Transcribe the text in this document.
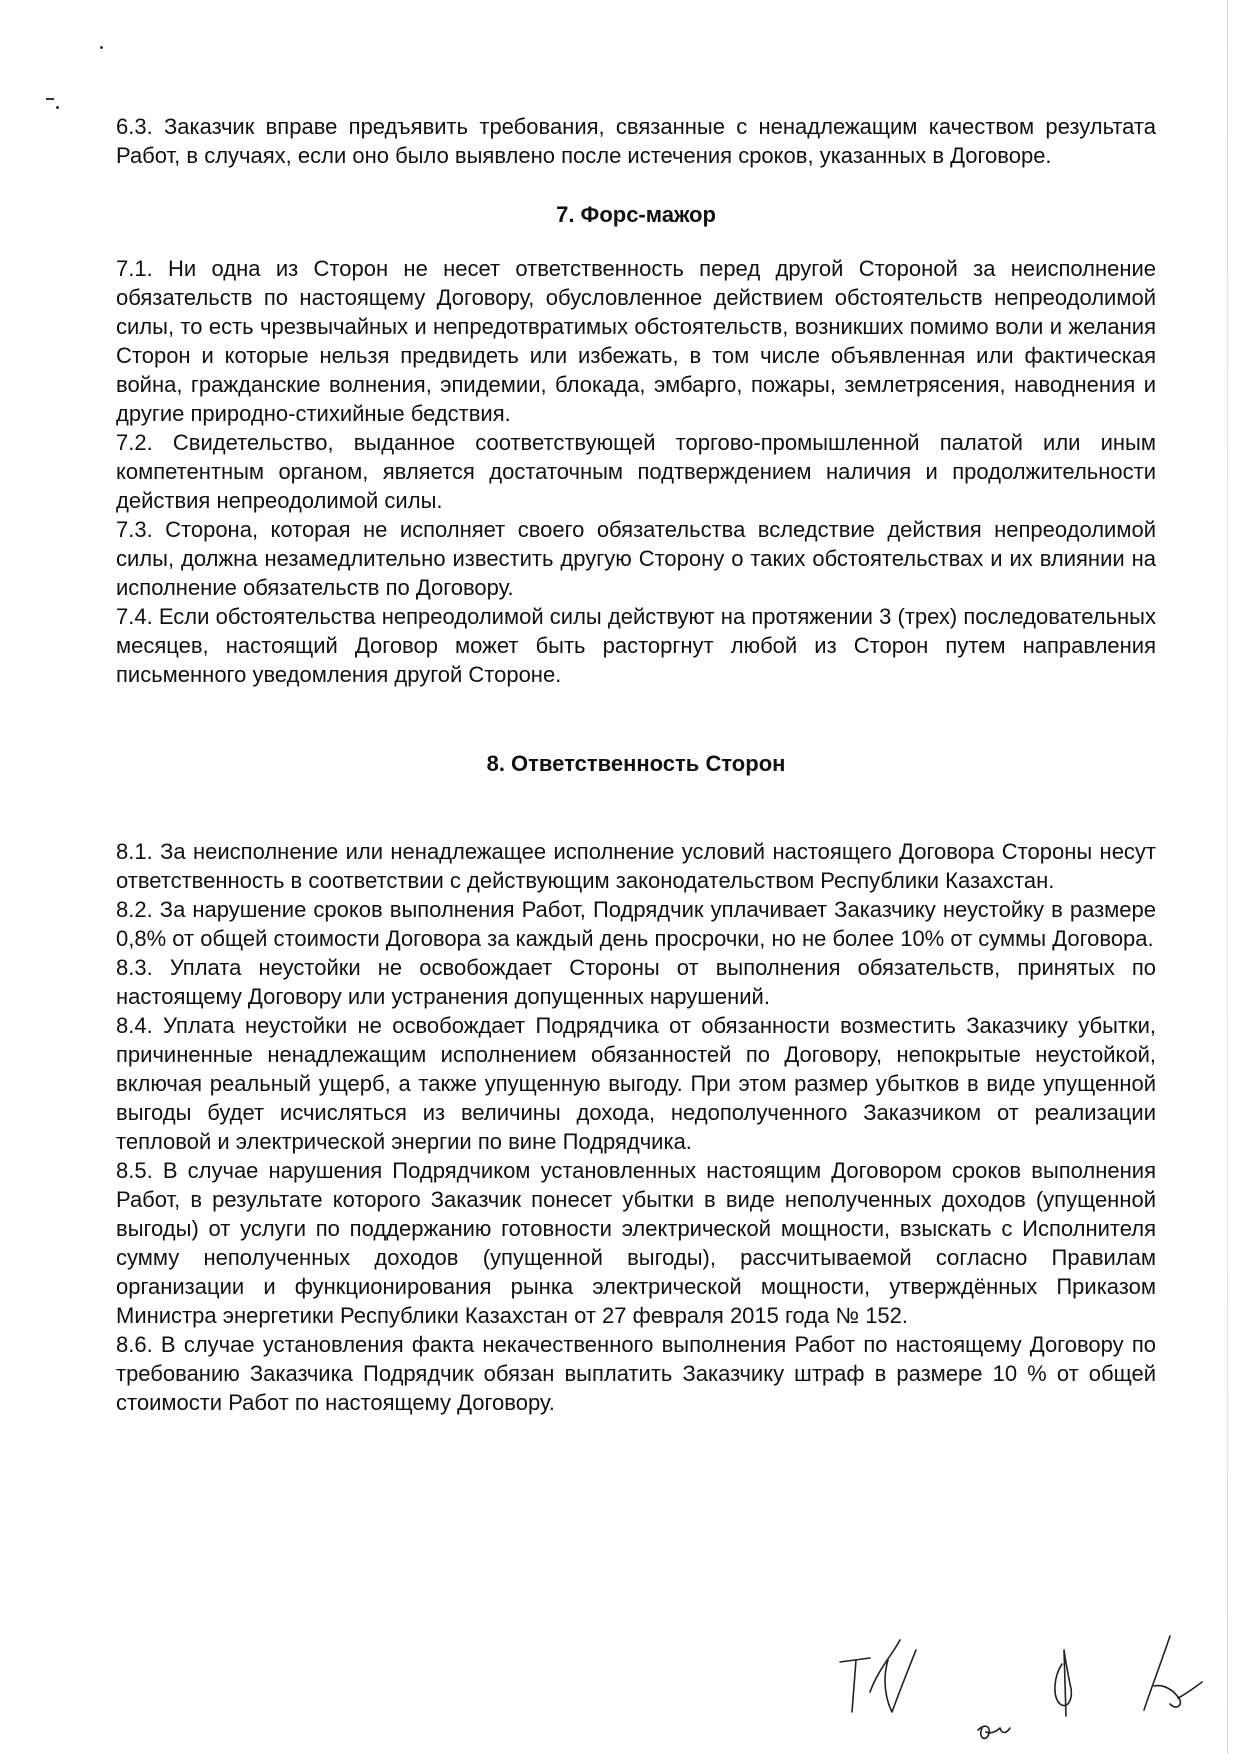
6.3. Заказчик вправе предъявить требования, связанные с ненадлежащим качеством результата Работ, в случаях, если оно было выявлено после истечения сроков, указанных в Договоре.

7. Форс-мажор

7.1. Ни одна из Сторон не несет ответственность перед другой Стороной за неисполнение обязательств по настоящему Договору, обусловленное действием обстоятельств непреодолимой силы, то есть чрезвычайных и непредотвратимых обстоятельств, возникших помимо воли и желания Сторон и которые нельзя предвидеть или избежать, в том числе объявленная или фактическая война, гражданские волнения, эпидемии, блокада, эмбарго, пожары, землетрясения, наводнения и другие природно-стихийные бедствия.

7.2. Свидетельство, выданное соответствующей торгово-промышленной палатой или иным компетентным органом, является достаточным подтверждением наличия и продолжительности действия непреодолимой силы.

7.3. Сторона, которая не исполняет своего обязательства вследствие действия непреодолимой силы, должна незамедлительно известить другую Сторону о таких обстоятельствах и их влиянии на исполнение обязательств по Договору.

7.4. Если обстоятельства непреодолимой силы действуют на протяжении 3 (трех) последовательных месяцев, настоящий Договор может быть расторгнут любой из Сторон путем направления письменного уведомления другой Стороне.

8. Ответственность Сторон

8.1. За неисполнение или ненадлежащее исполнение условий настоящего Договора Стороны несут ответственность в соответствии с действующим законодательством Республики Казахстан.

8.2. За нарушение сроков выполнения Работ, Подрядчик уплачивает Заказчику неустойку в размере 0,8% от общей стоимости Договора за каждый день просрочки, но не более 10% от суммы Договора.

8.3. Уплата неустойки не освобождает Стороны от выполнения обязательств, принятых по настоящему Договору или устранения допущенных нарушений.

8.4. Уплата неустойки не освобождает Подрядчика от обязанности возместить Заказчику убытки, причиненные ненадлежащим исполнением обязанностей по Договору, непокрытые неустойкой, включая реальный ущерб, а также упущенную выгоду. При этом размер убытков в виде упущенной выгоды будет исчисляться из величины дохода, недополученного Заказчиком от реализации тепловой и электрической энергии по вине Подрядчика.

8.5. В случае нарушения Подрядчиком установленных настоящим Договором сроков выполнения Работ, в результате которого Заказчик понесет убытки в виде неполученных доходов (упущенной выгоды) от услуги по поддержанию готовности электрической мощности, взыскать с Исполнителя сумму неполученных доходов (упущенной выгоды), рассчитываемой согласно Правилам организации и функционирования рынка электрической мощности, утверждённых Приказом Министра энергетики Республики Казахстан от 27 февраля 2015 года № 152.

8.6. В случае установления факта некачественного выполнения Работ по настоящему Договору по требованию Заказчика Подрядчик обязан выплатить Заказчику штраф в размере 10 % от общей стоимости Работ по настоящему Договору.
